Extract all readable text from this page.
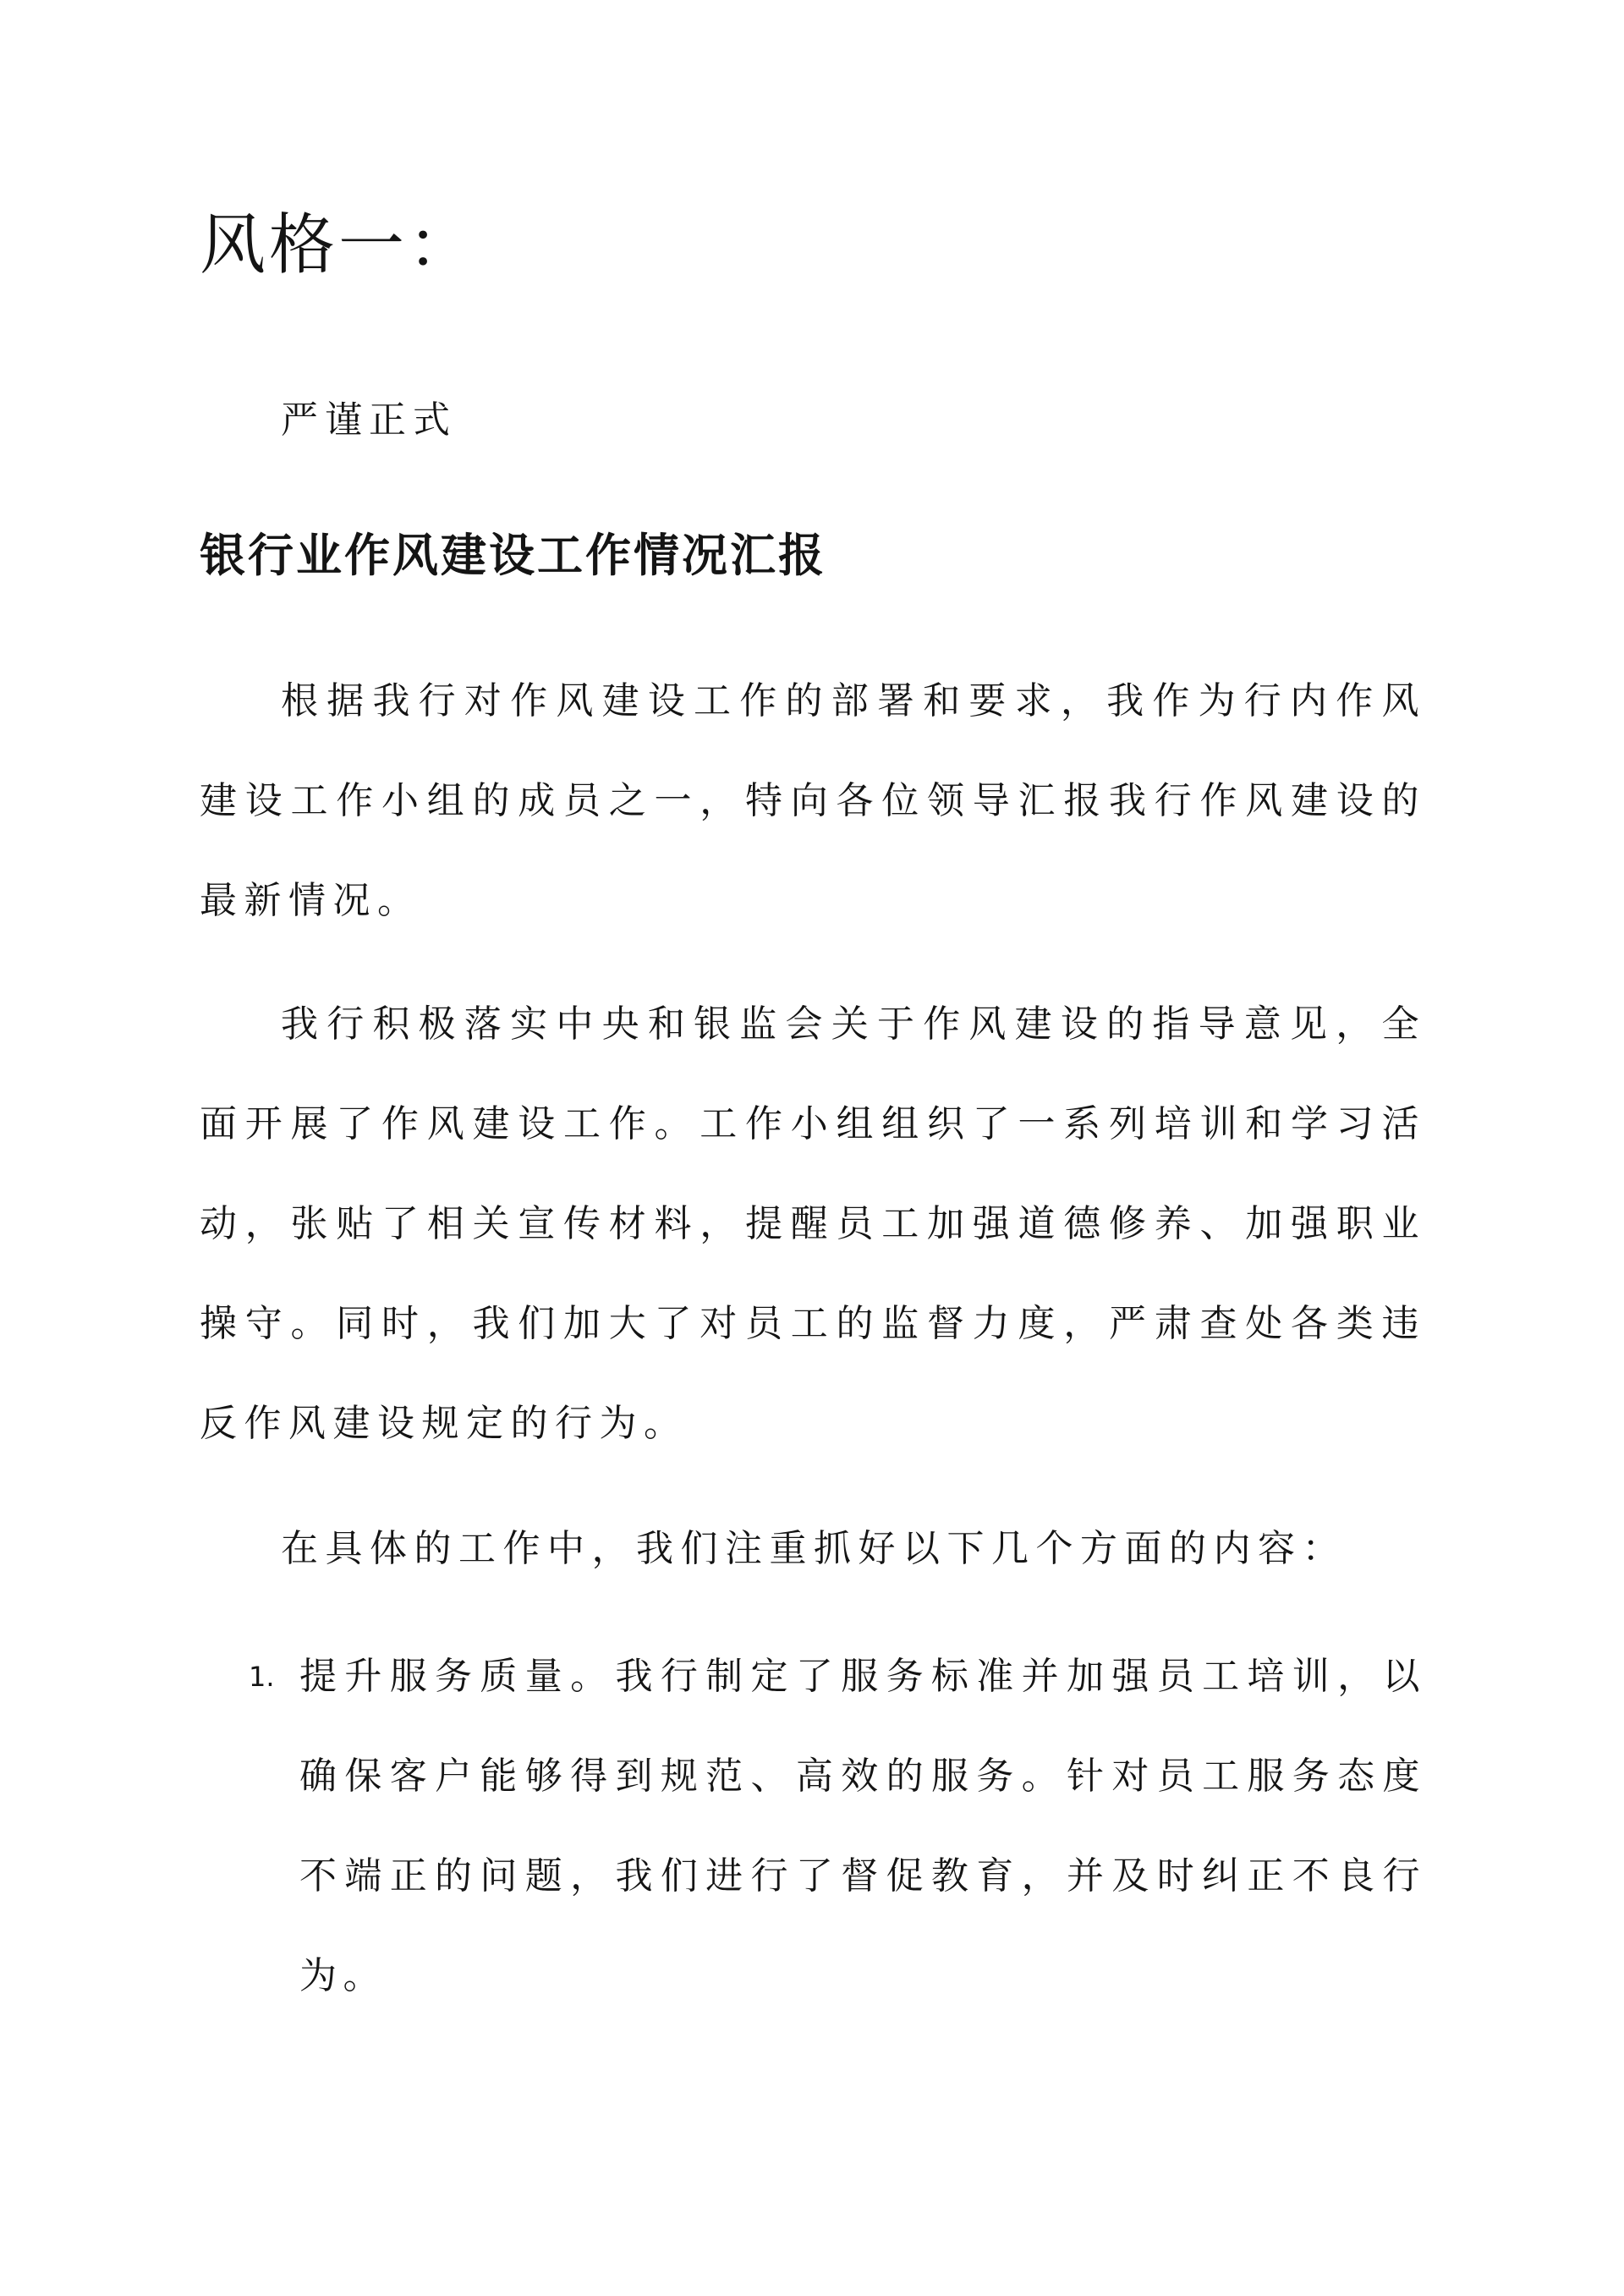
风格一：

严谨正式

银行业作风建设工作情况汇报

根据我行对作风建设工作的部署和要求，我作为行内作风建设工作小组的成员之一，特向各位领导汇报我行作风建设的最新情况。

我行积极落实中央和银监会关于作风建设的指导意见，全面开展了作风建设工作。工作小组组织了一系列培训和学习活动，张贴了相关宣传材料，提醒员工加强道德修养、加强职业操守。同时，我们加大了对员工的监督力度，严肃查处各类违反作风建设规定的行为。

在具体的工作中，我们注重抓好以下几个方面的内容：

1. 提升服务质量。我行制定了服务标准并加强员工培训，以确保客户能够得到规范、高效的服务。针对员工服务态度不端正的问题，我们进行了督促教育，并及时纠正不良行为。
